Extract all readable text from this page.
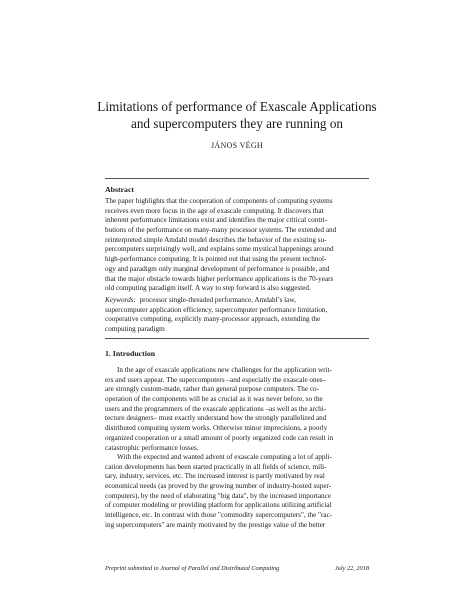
Limitations of performance of Exascale Applications
and supercomputers they are running on
JÁNOS VÉGH
Abstract
The paper highlights that the cooperation of components of computing systems
receives even more focus in the age of exascale computing. It discovers that
inherent performance limitations exist and identifies the major critical contri-
butions of the performance on many-many processor systems. The extended and
reinterpreted simple Amdahl model describes the behavior of the existing su-
percomputers surprisingly well, and explains some mystical happenings around
high-performance computing. It is pointed out that using the present technol-
ogy and paradigm only marginal development of performance is possible, and
that the major obstacle towards higher performance applications is the 70-years
old computing paradigm itself. A way to step forward is also suggested.
Keywords: processor single-threaded performance, Amdahl’s law,
supercomputer application efficiency, supercomputer performance limitation,
cooperative computing, explicitly many-processor approach, extending the
computing paradigm
1. Introduction
In the age of exascale applications new challenges for the application writ-
ers and users appear. The supercomputers –and especially the exascale ones–
are strongly custom-made, rather than general purpose computers. The co-
operation of the components will be as crucial as it was never before, so the
users and the programmers of the exascale applications –as well as the archi-
tecture designers– must exactly understand how the strongly parallelized and
distributed computing system works. Otherwise minor imprecisions, a poorly
organized cooperation or a small amount of poorly organized code can result in
catastrophic performance losses.
With the expected and wanted advent of exascale computing a lot of appli-
cation developments has been started practically in all fields of science, mili-
tary, industry, services, etc. The increased interest is partly motivated by real
economical needs (as proved by the growing number of industry-hosted super-
computers), by the need of elaborating "big data", by the increased importance
of computer modeling or providing platform for applications utilizing artificial
intelligence, etc. In contrast with those "commodity supercomputers", the "rac-
ing supercomputers" are mainly motivated by the prestige value of the better
Preprint submitted to Journal of Parallel and Distributed Computing	July 22, 2018
